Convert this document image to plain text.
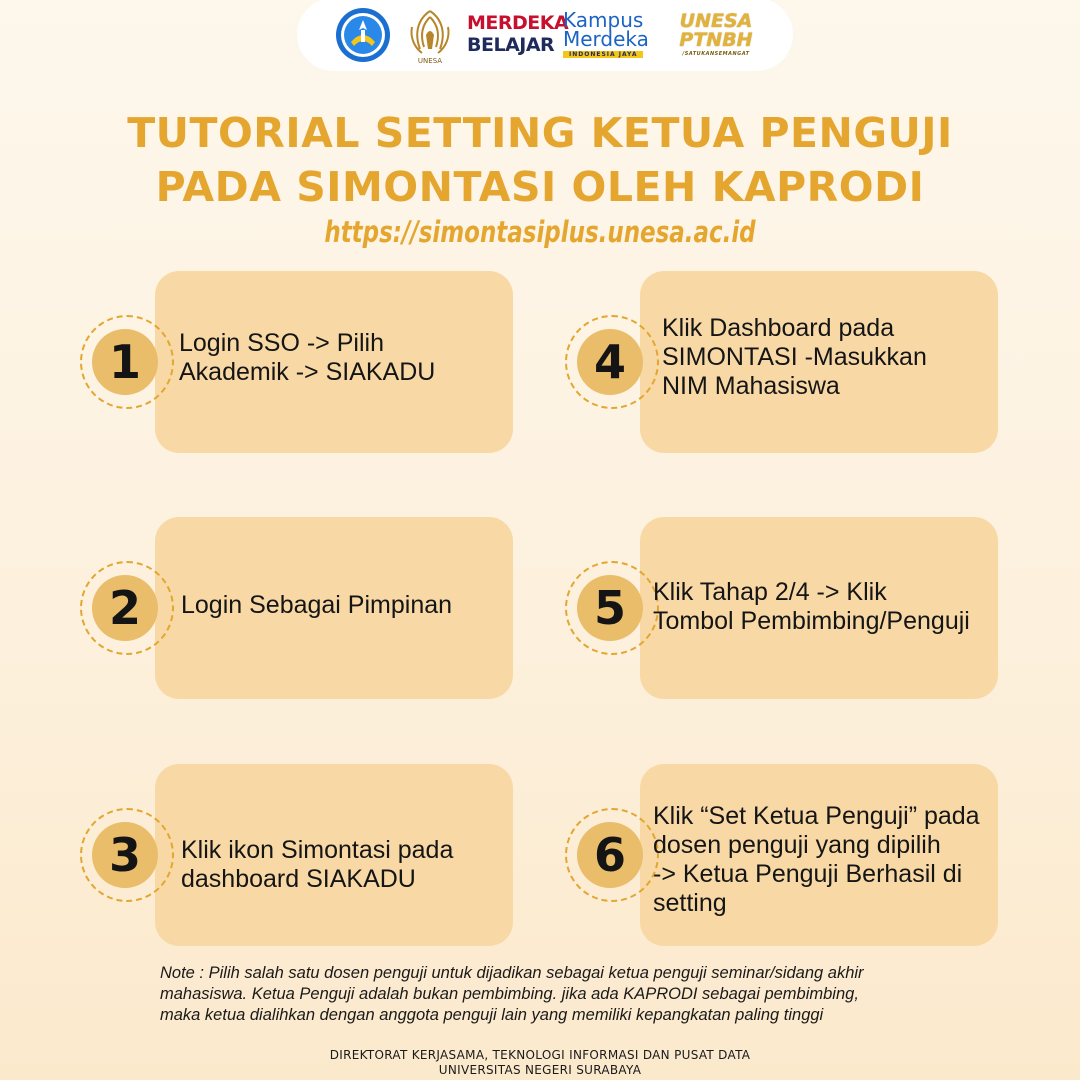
UNESA
MERDEKA
BELAJAR
Kampus
Merdeka
INDONESIA JAYA
UNESA
PTNBH
/SATUKANSEMANGAT
TUTORIAL SETTING KETUA PENGUJI
PADA SIMONTASI OLEH KAPRODI
https://simontasiplus.unesa.ac.id
1	Login SSO -> Pilih
Akademik -> SIAKADU
2	Login Sebagai Pimpinan
3	Klik ikon Simontasi pada
dashboard SIAKADU
4
Klik Dashboard pada
SIMONTASI -Masukkan
NIM Mahasiswa
5	Klik Tahap 2/4 -> Klik
Tombol Pembimbing/Penguji
6
Klik “Set Ketua Penguji” pada
dosen penguji yang dipilih
-> Ketua Penguji Berhasil di
setting
Note : Pilih salah satu dosen penguji untuk dijadikan sebagai ketua penguji seminar/sidang akhir
mahasiswa. Ketua Penguji adalah bukan pembimbing. jika ada KAPRODI sebagai pembimbing,
maka ketua dialihkan dengan anggota penguji lain yang memiliki kepangkatan paling tinggi
DIREKTORAT KERJASAMA, TEKNOLOGI INFORMASI DAN PUSAT DATA
UNIVERSITAS NEGERI SURABAYA
